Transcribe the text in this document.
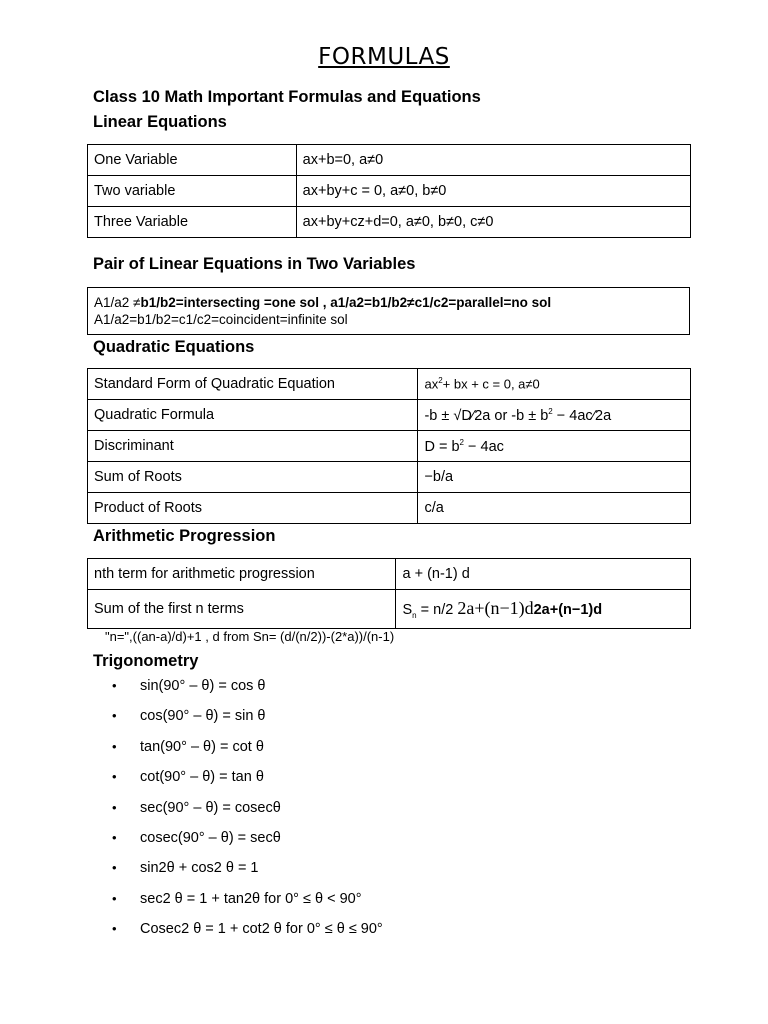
FORMULAS
Class 10 Math Important Formulas and Equations
Linear Equations
One Variable	ax+b=0, a≠0
Two variable	ax+by+c = 0, a≠0, b≠0
Three Variable	ax+by+cz+d=0, a≠0, b≠0, c≠0
Pair of Linear Equations in Two Variables
A1/a2 ≠b1/b2=intersecting =one sol , a1/a2=b1/b2≠c1/c2=parallel=no sol
A1/a2=b1/b2=c1/c2=coincident=infinite sol
Quadratic Equations
Standard Form of Quadratic Equation	$ax^2+$ bx + c = 0, a≠0
Quadratic Formula	-b ± √D⁄2a or $-b \pm b^2$ − 4ac⁄2a
Discriminant	$D = b^2 - 4ac$
Sum of Roots	−b/a
Product of Roots	c/a
Arithmetic Progression
nth term for arithmetic progression	a + (n-1) d
Sum of the first n terms	$S_n = n/2$ 2a+(n−1)d2a+(n−1)d
"n=",((an-a)/d)+1 , d from Sn= (d/(n/2))-(2*a))/(n-1)
Trigonometry
• sin(90° – θ) = cos θ
• cos(90° – θ) = sin θ
• tan(90° – θ) = cot θ
• cot(90° – θ) = tan θ
• sec(90° – θ) = cosecθ
• cosec(90° – θ) = secθ
• sin2θ + cos2 θ = 1
• sec2 θ = 1 + tan2θ for 0° ≤ θ < 90°
• Cosec2 θ = 1 + cot2 θ for 0° ≤ θ ≤ 90°
